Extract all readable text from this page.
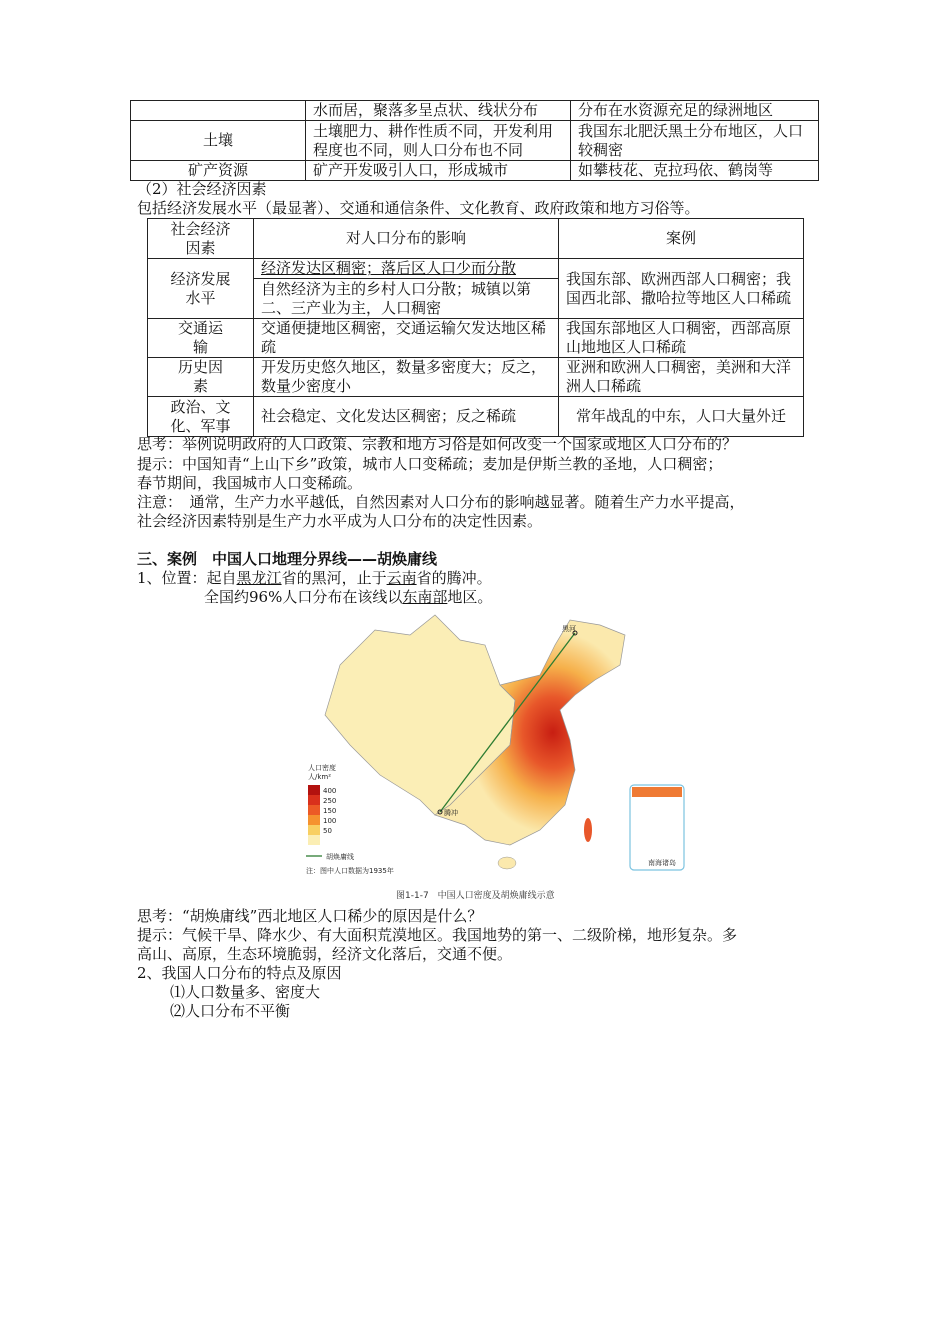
	水而居，聚落多呈点状、线状分布	分布在水资源充足的绿洲地区
土壤	土壤肥力、耕作性质不同，开发利用程度也不同，则人口分布也不同	我国东北肥沃黑土分布地区，人口较稠密
矿产资源	矿产开发吸引人口，形成城市	如攀枝花、克拉玛依、鹤岗等
（2）社会经济因素
包括经济发展水平（最显著）、交通和通信条件、文化教育、政府政策和地方习俗等。
社会经济因素	对人口分布的影响	案例
经济发展水平	经济发达区稠密；落后区人口少而分散	我国东部、欧洲西部人口稠密；我国西北部、撒哈拉等地区人口稀疏
	自然经济为主的乡村人口分散；城镇以第二、三产业为主，人口稠密	
交通运输	交通便捷地区稠密，交通运输欠发达地区稀疏	我国东部地区人口稠密，西部高原山地地区人口稀疏
历史因素	开发历史悠久地区，数量多密度大；反之，数量少密度小	亚洲和欧洲人口稠密，美洲和大洋洲人口稀疏
政治、文化、军事	社会稳定、文化发达区稠密；反之稀疏	常年战乱的中东，人口大量外迁
思考：举例说明政府的人口政策、宗教和地方习俗是如何改变一个国家或地区人口分布的？
提示：中国知青“上山下乡”政策，城市人口变稀疏；麦加是伊斯兰教的圣地，人口稠密；
春节期间，我国城市人口变稀疏。
注意：　通常，生产力水平越低，自然因素对人口分布的影响越显著。随着生产力水平提高，
社会经济因素特别是生产力水平成为人口分布的决定性因素。
三、案例　中国人口地理分界线——胡焕庸线
1、位置：起自黑龙江省的黑河，止于云南省的腾冲。
全国约96%人口分布在该线以东南部地区。
黑河
腾冲
人口密度
人/km²
400
250
150
100
50
胡焕庸线
注：图中人口数据为1935年
南海诸岛
图1-1-7　中国人口密度及胡焕庸线示意
思考：“胡焕庸线”西北地区人口稀少的原因是什么？
提示：气候干旱、降水少、有大面积荒漠地区。我国地势的第一、二级阶梯，地形复杂。多
高山、高原，生态环境脆弱，经济文化落后，交通不便。
2、我国人口分布的特点及原因
⑴人口数量多、密度大
⑵人口分布不平衡
